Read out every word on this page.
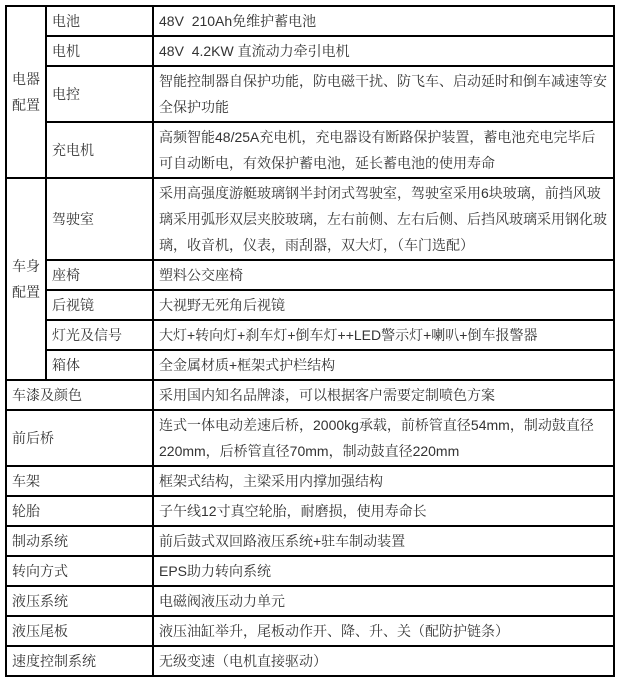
电器配置	电池	48V  210Ah免维护蓄电池
	电机	48V  4.2KW 直流动力牵引电机
	电控	智能控制器自保护功能，防电磁干扰、防飞车、启动延时和倒车减速等安全保护功能
	充电机	高频智能48/25A充电机，充电器设有断路保护装置，蓄电池充电完毕后可自动断电，有效保护蓄电池，延长蓄电池的使用寿命
车身配置	驾驶室	采用高强度游艇玻璃钢半封闭式驾驶室，驾驶室采用6块玻璃，前挡风玻璃采用弧形双层夹胶玻璃，左右前侧、左右后侧、后挡风玻璃采用钢化玻璃，收音机，仪表，雨刮器，双大灯，（车门选配）
	座椅	塑料公交座椅
	后视镜	大视野无死角后视镜
	灯光及信号	大灯+转向灯+刹车灯+倒车灯++LED警示灯+喇叭+倒车报警器
	箱体	全金属材质+框架式护栏结构
车漆及颜色		采用国内知名品牌漆，可以根据客户需要定制喷色方案
前后桥		连式一体电动差速后桥，2000kg承载，前桥管直径54mm，制动鼓直径220mm，后桥管直径70mm，制动鼓直径220mm
车架		框架式结构，主梁采用内撑加强结构
轮胎		子午线12寸真空轮胎，耐磨损，使用寿命长
制动系统		前后鼓式双回路液压系统+驻车制动装置
转向方式		EPS助力转向系统
液压系统		电磁阀液压动力单元
液压尾板		液压油缸举升，尾板动作开、降、升、关（配防护链条）
速度控制系统		无级变速（电机直接驱动）
